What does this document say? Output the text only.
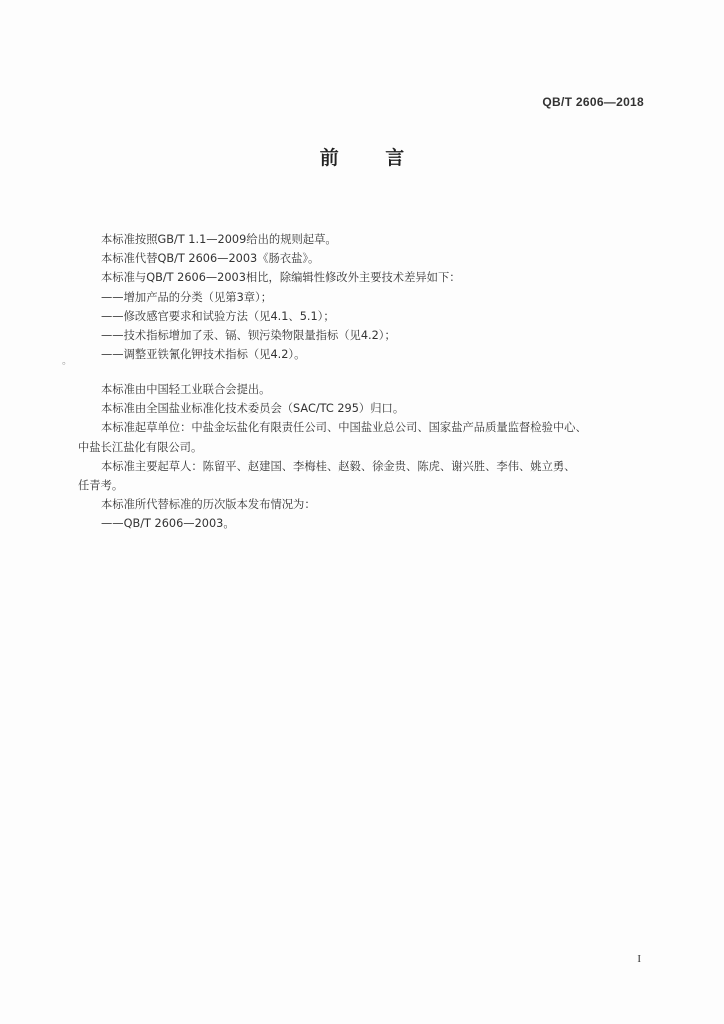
QB/T 2606—2018
前 言
。
本标准按照GB/T 1.1—2009给出的规则起草。
本标准代替QB/T 2606—2003《肠衣盐》。
本标准与QB/T 2606—2003相比，除编辑性修改外主要技术差异如下：
——增加产品的分类（见第3章）；
——修改感官要求和试验方法（见4.1、5.1）；
——技术指标增加了汞、镉、钡污染物限量指标（见4.2）；
——调整亚铁氰化钾技术指标（见4.2）。
本标准由中国轻工业联合会提出。
本标准由全国盐业标准化技术委员会（SAC/TC 295）归口。
本标准起草单位：中盐金坛盐化有限责任公司、中国盐业总公司、国家盐产品质量监督检验中心、
中盐长江盐化有限公司。
本标准主要起草人：陈留平、赵建国、李梅桂、赵毅、徐金贵、陈虎、谢兴胜、李伟、姚立勇、
任青考。
本标准所代替标准的历次版本发布情况为：
——QB/T 2606—2003。
I
